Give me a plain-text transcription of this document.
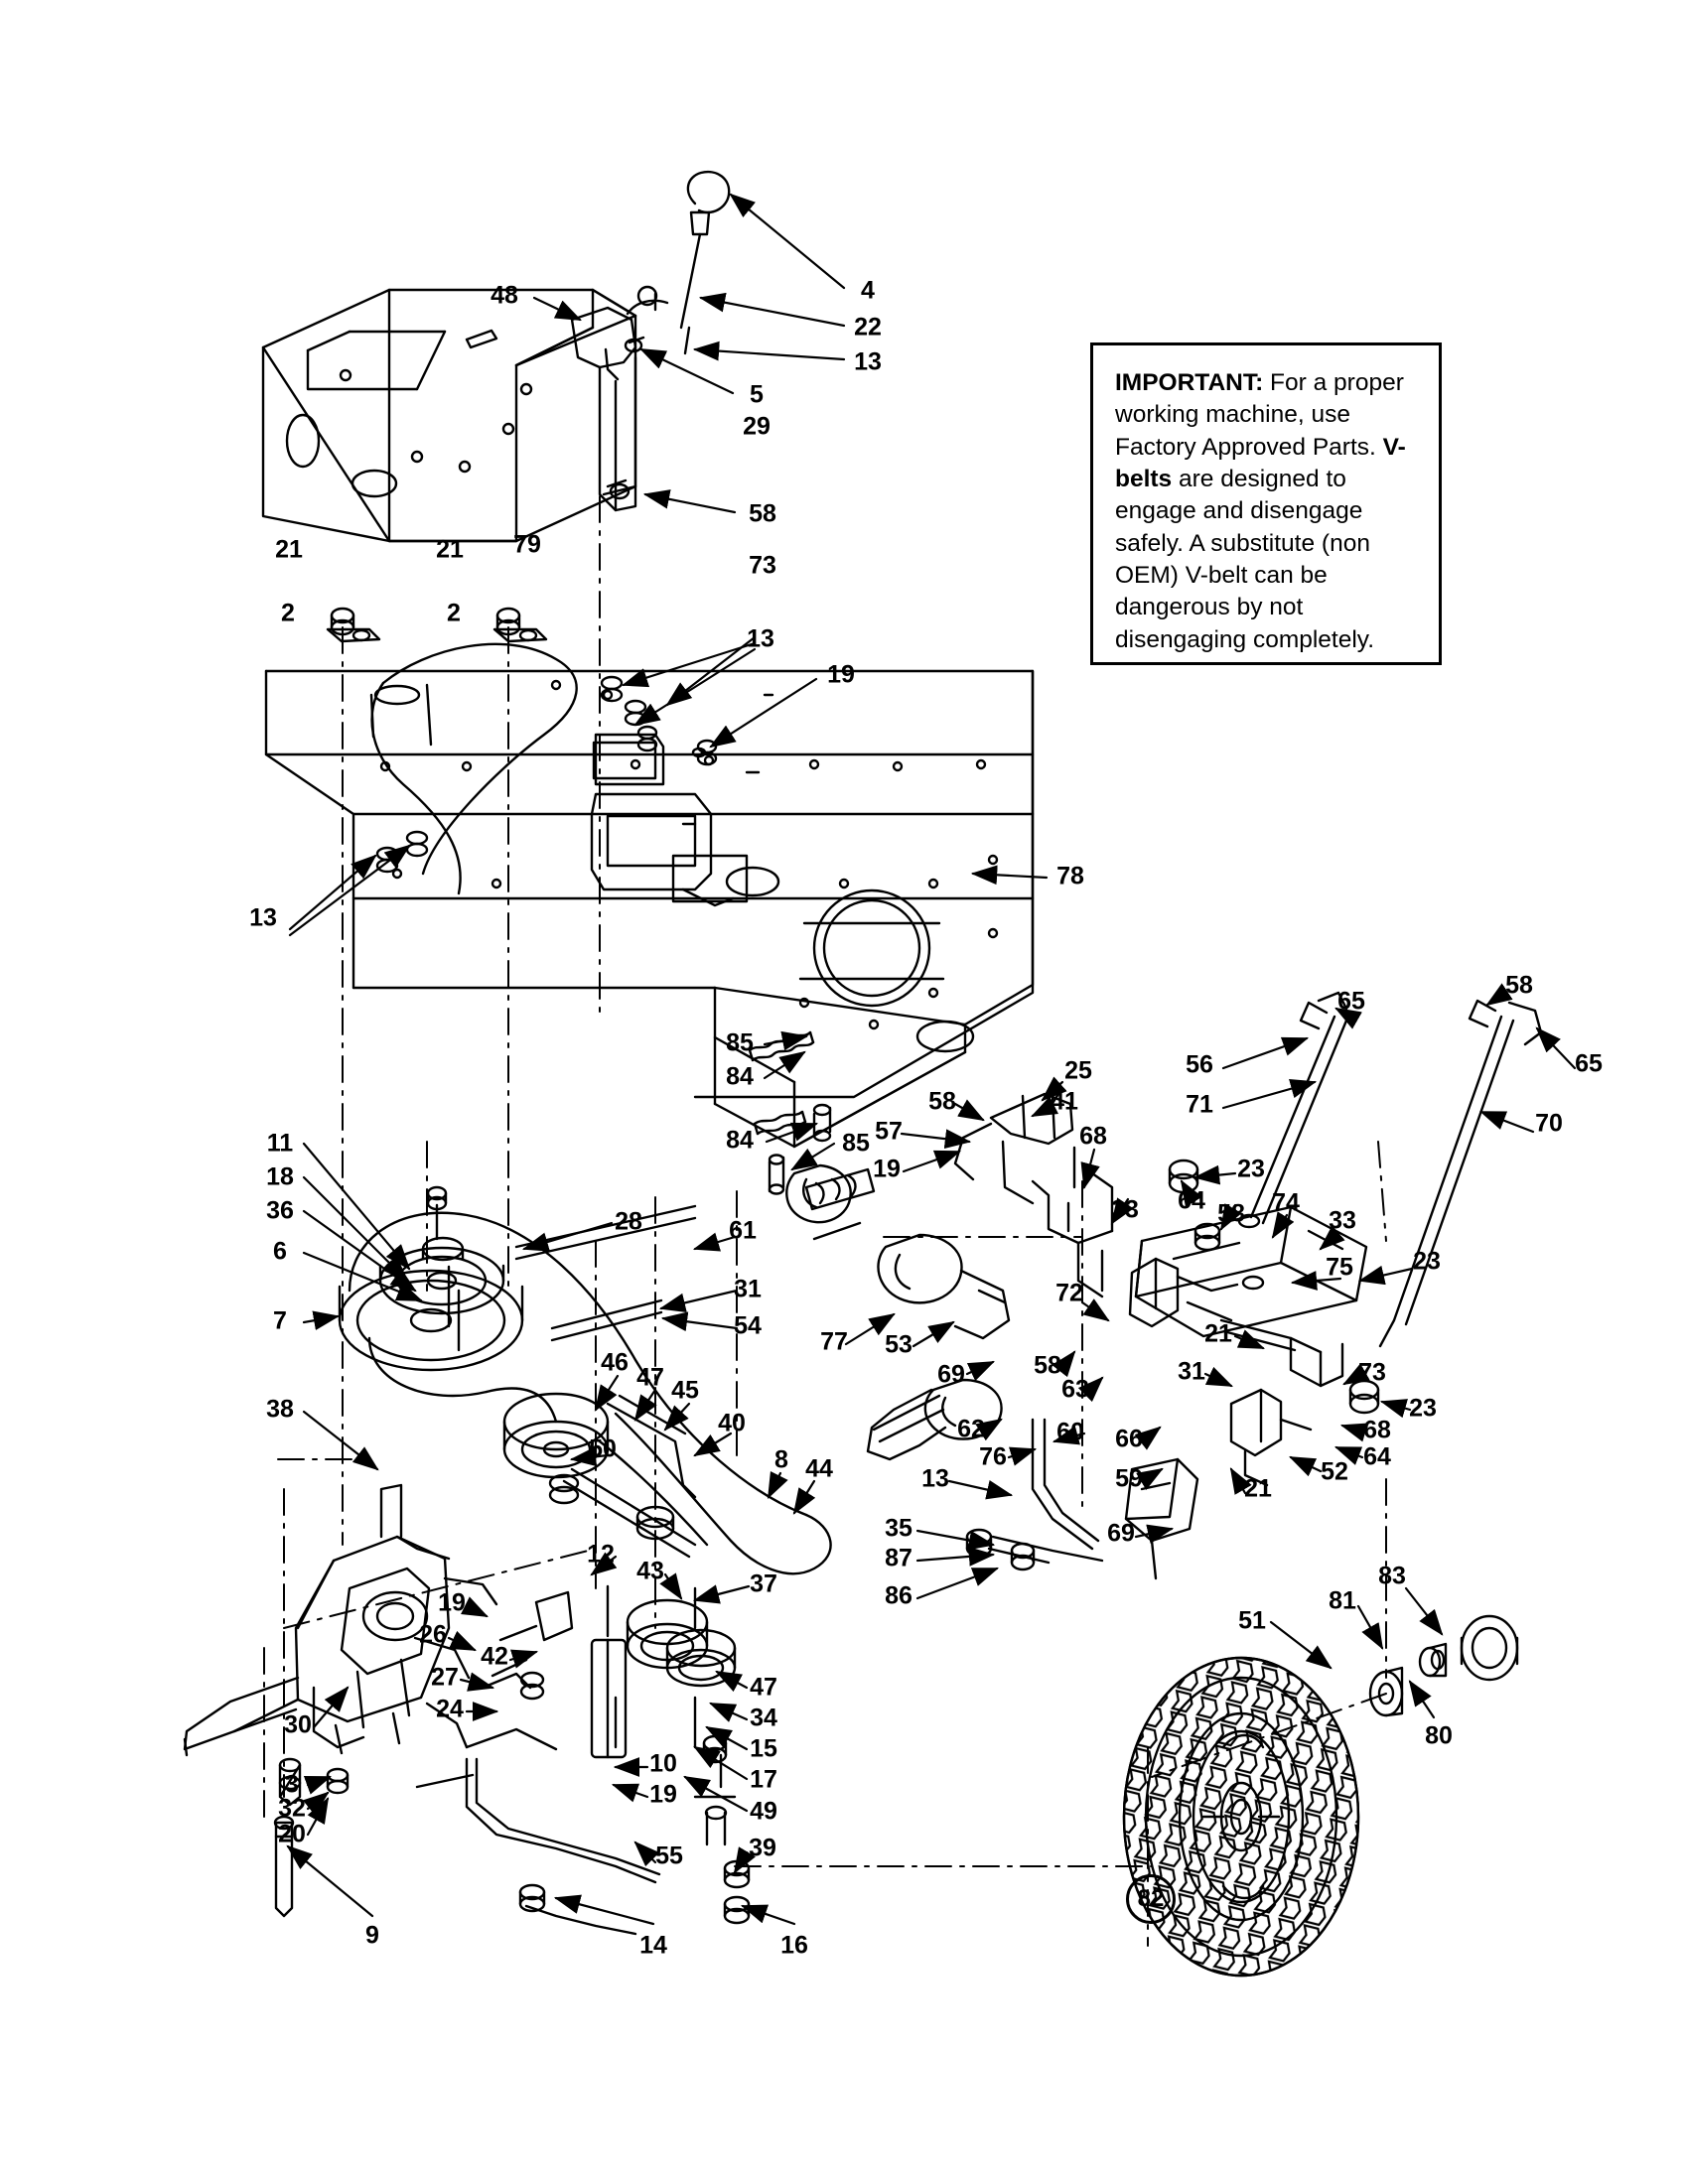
IMPORTANT: For a proper working machine, use Factory Approved Parts. V-belts are designed to engage and disengage safely. A substitute (non OEM) V-belt can be dangerous by not disengaging completely.

4
22
13
48
5
29
58
73
79
21	21
2	2
13
19
13
78
85
84
84	85
25
41
58
57
65
58
56	65
71
70
68
19	23
33 64 58 74
33
75 23
11
18
36
6
7
38
28	61
31
54
46
47 45
40
50	8 44
77 53
69
72
58
63
62
76
60 66
59
31
21
73
23
68
64
52
21
69
35
87
86
13
19
26
42
27
24
30
3
32
20
9
12
43	37
47
34
15
17
49
10
19
55	39
14	16
51
81
83
80
82
